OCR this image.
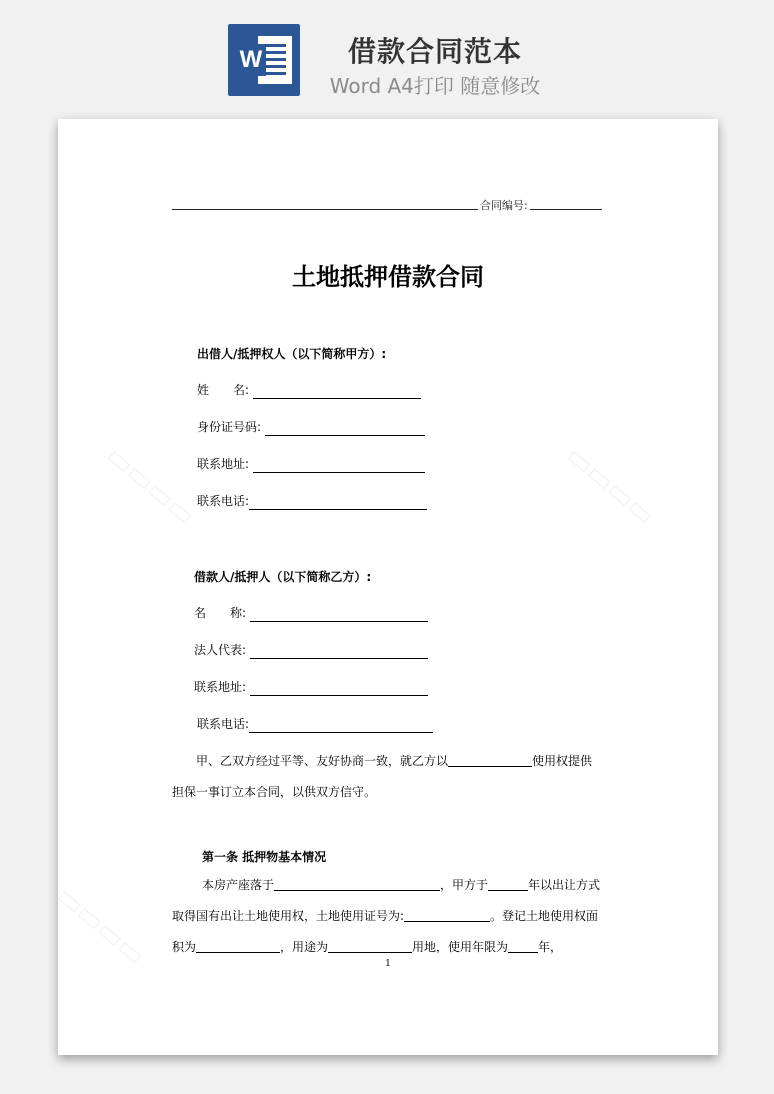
W	借款合同范本
Word A4打印 随意修改
合同编号:
土地抵押借款合同
出借人/抵押权人（以下简称甲方）:
姓　　名:
身份证号码:
联系地址:
联系电话:
借款人/抵押人（以下简称乙方）:
名　　称:
法人代表:
联系地址:
联系电话:
甲、乙双方经过平等、友好协商一致，就乙方以	使用权提供担保一事订立本合同，以供双方信守。
第一条 抵押物基本情况
本房产座落于	，甲方于	年以出让方式取得国有出让土地使用权，土地使用证号为:	。登记土地使用权面积为	，用途为	用地，使用年限为	年，
1
